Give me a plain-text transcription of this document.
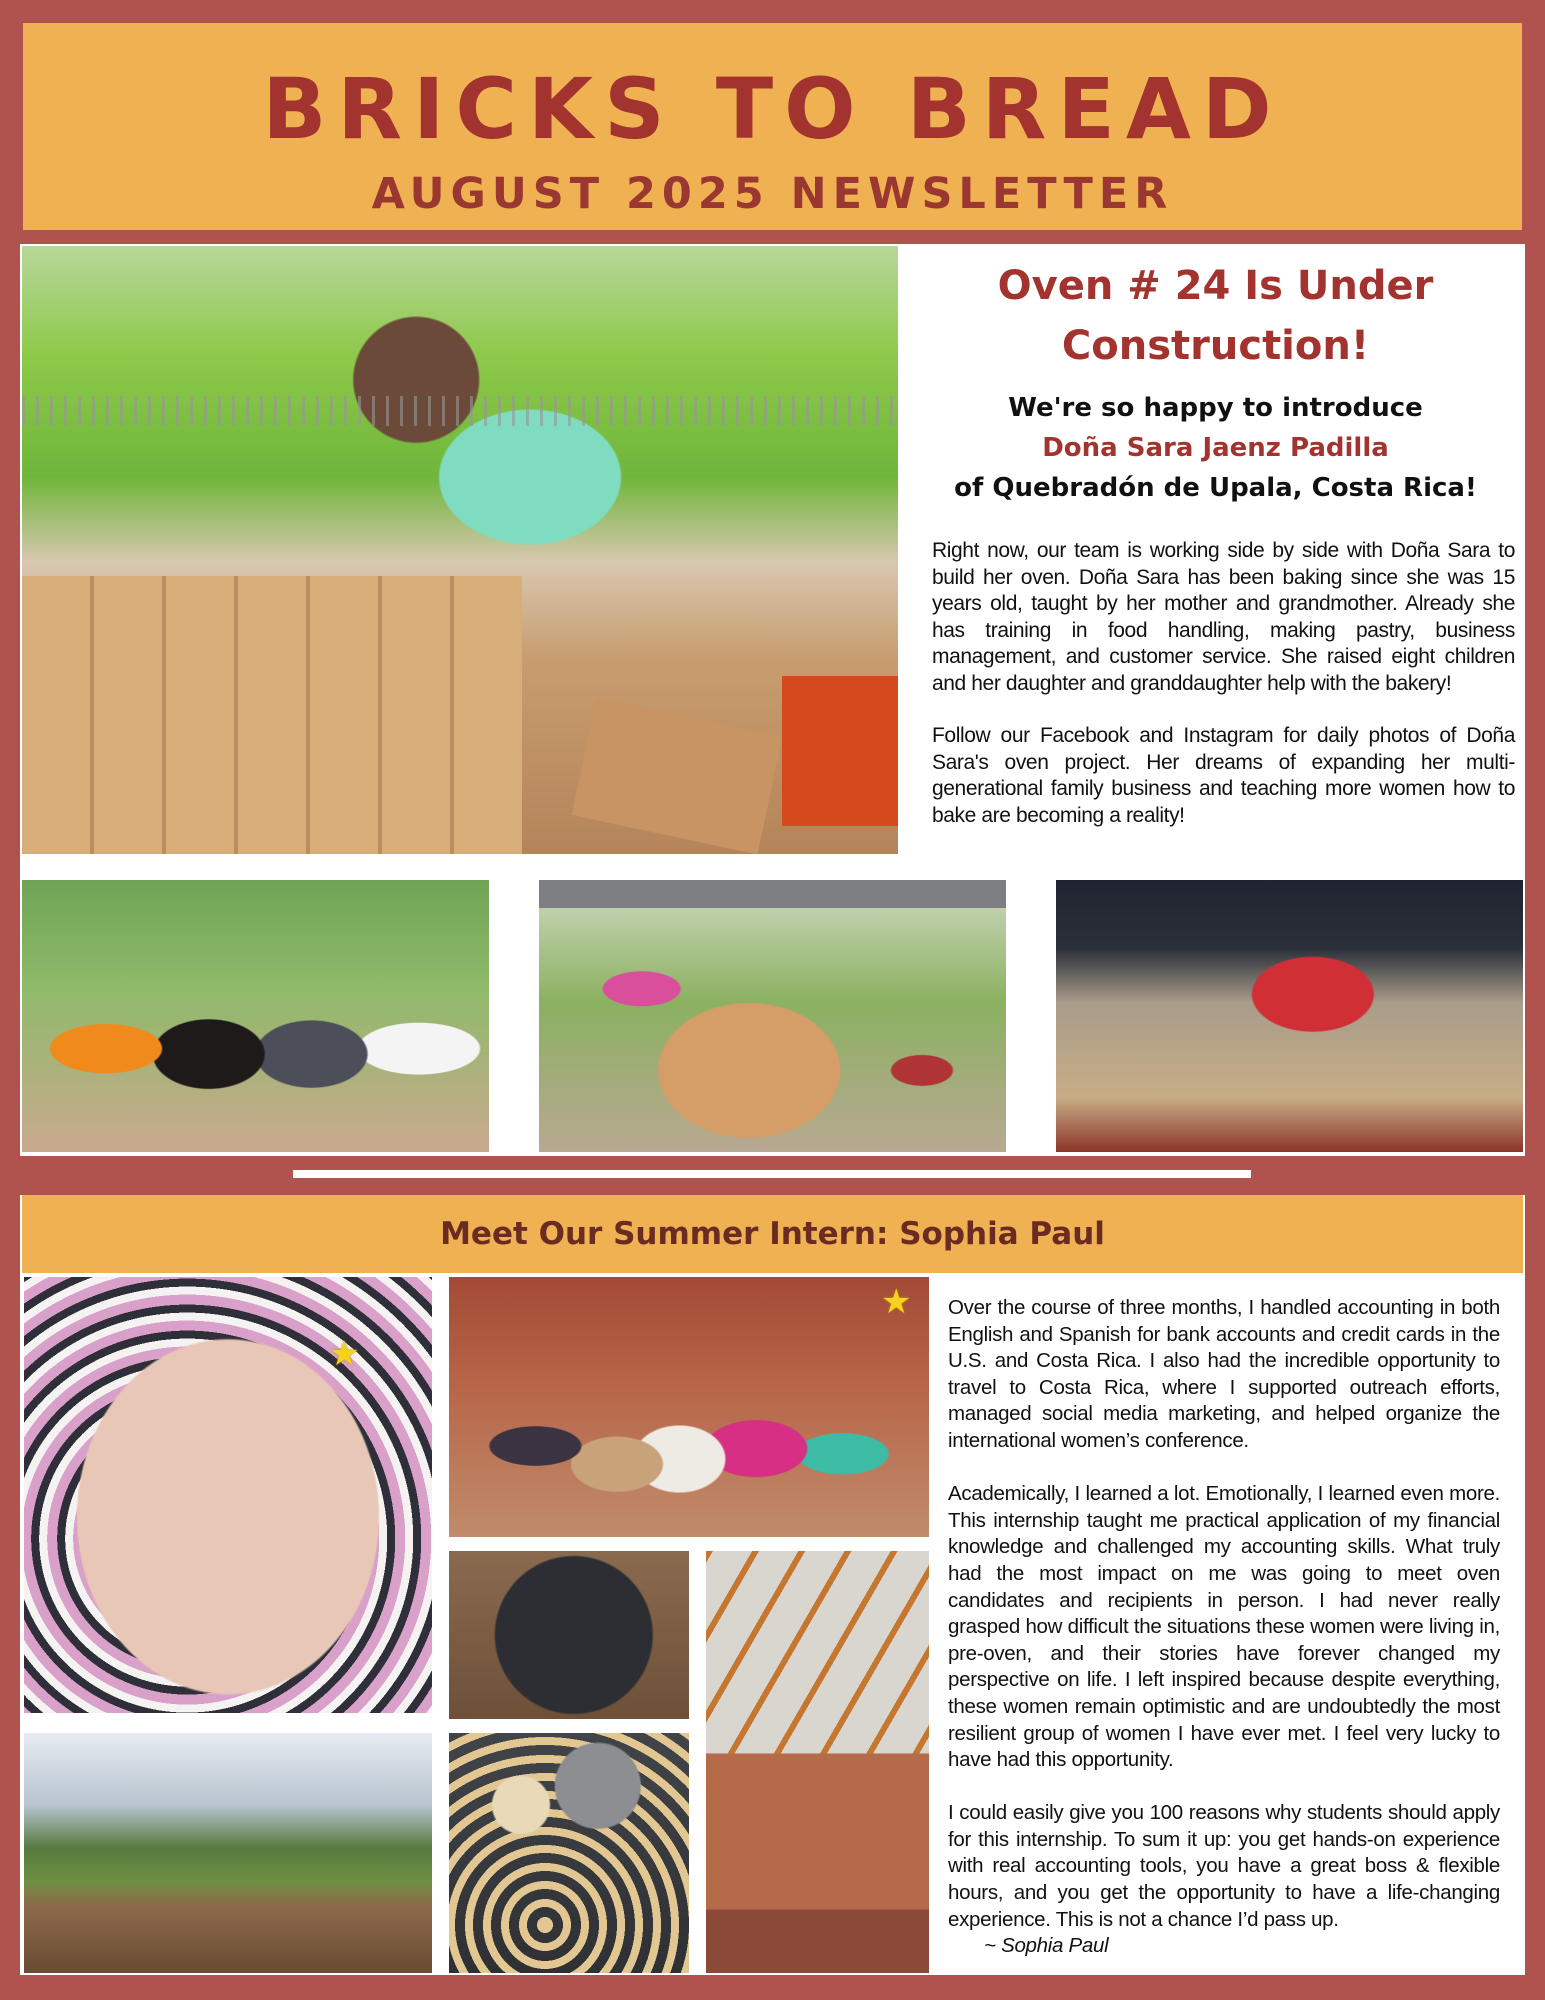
BRICKS TO BREAD
AUGUST 2025 NEWSLETTER
Oven # 24 Is Under Construction!
We're so happy to introduce
Doña Sara Jaenz Padilla
of Quebradón de Upala, Costa Rica!

Right now, our team is working side by side with Doña Sara to build her oven. Doña Sara has been baking since she was 15 years old, taught by her mother and grandmother. Already she has training in food handling, making pastry, business management, and customer service. She raised eight children and her daughter and granddaughter help with the bakery!

Follow our Facebook and Instagram for daily photos of Doña Sara's oven project. Her dreams of expanding her multi-generational family business and teaching more women how to bake are becoming a reality!

Meet Our Summer Intern: Sophia Paul
★
★ Over the course of three months, I handled accounting in both English and Spanish for bank accounts and credit cards in the U.S. and Costa Rica. I also had the incredible opportunity to travel to Costa Rica, where I supported outreach efforts, managed social media marketing, and helped organize the international women’s conference.

Academically, I learned a lot. Emotionally, I learned even more. This internship taught me practical application of my financial knowledge and challenged my accounting skills. What truly had the most impact on me was going to meet oven candidates and recipients in person. I had never really grasped how difficult the situations these women were living in, pre-oven, and their stories have forever changed my perspective on life. I left inspired because despite everything, these women remain optimistic and are undoubtedly the most resilient group of women I have ever met. I feel very lucky to have had this opportunity.

I could easily give you 100 reasons why students should apply for this internship. To sum it up: you get hands-on experience with real accounting tools, you have a great boss & flexible hours, and you get the opportunity to have a life-changing experience. This is not a chance I’d pass up.

~ Sophia Paul
